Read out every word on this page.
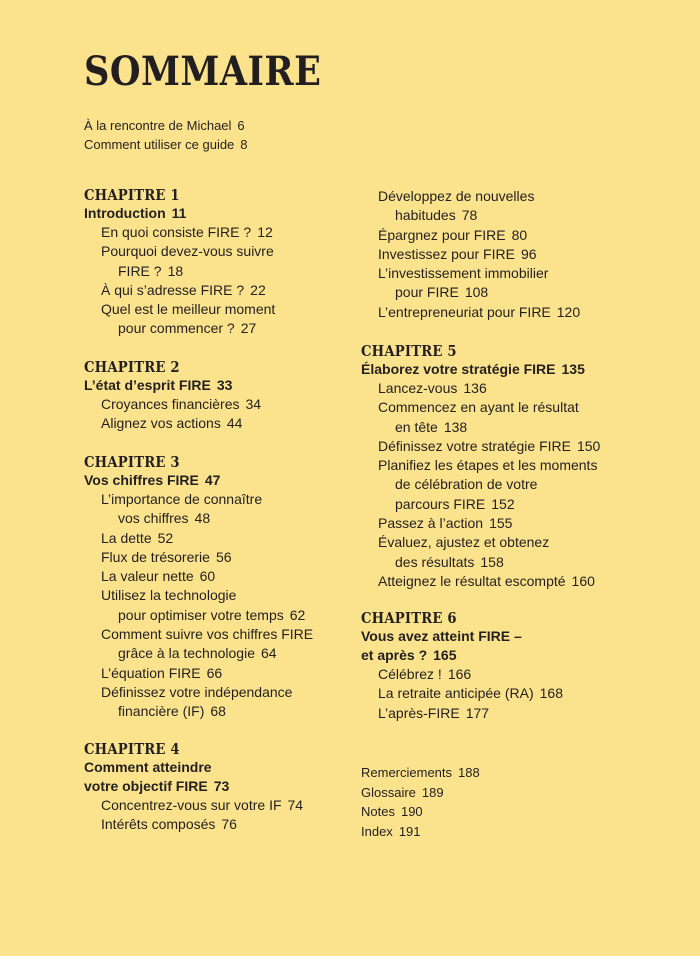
SOMMAIRE
À la rencontre de Michael 6
Comment utiliser ce guide 8
CHAPITRE 1
Introduction 11
En quoi consiste FIRE ? 12
Pourquoi devez-vous suivre
FIRE ? 18
À qui s’adresse FIRE ? 22
Quel est le meilleur moment
pour commencer ? 27
CHAPITRE 2
L’état d’esprit FIRE 33
Croyances financières 34
Alignez vos actions 44
CHAPITRE 3
Vos chiffres FIRE 47
L’importance de connaître
vos chiffres 48
La dette 52
Flux de trésorerie 56
La valeur nette 60
Utilisez la technologie
pour optimiser votre temps 62
Comment suivre vos chiffres FIRE
grâce à la technologie 64
L’équation FIRE 66
Définissez votre indépendance
financière (IF) 68
CHAPITRE 4
Comment atteindre
votre objectif FIRE 73
Concentrez-vous sur votre IF 74
Intérêts composés 76
Développez de nouvelles
habitudes 78
Épargnez pour FIRE 80
Investissez pour FIRE 96
L’investissement immobilier
pour FIRE 108
L’entrepreneuriat pour FIRE 120
CHAPITRE 5
Élaborez votre stratégie FIRE 135
Lancez-vous 136
Commencez en ayant le résultat
en tête 138
Définissez votre stratégie FIRE 150
Planifiez les étapes et les moments
de célébration de votre
parcours FIRE 152
Passez à l’action 155
Évaluez, ajustez et obtenez
des résultats 158
Atteignez le résultat escompté 160
CHAPITRE 6
Vous avez atteint FIRE –
et après ? 165
Célébrez ! 166
La retraite anticipée (RA) 168
L’après-FIRE 177
Remerciements 188
Glossaire 189
Notes 190
Index 191
